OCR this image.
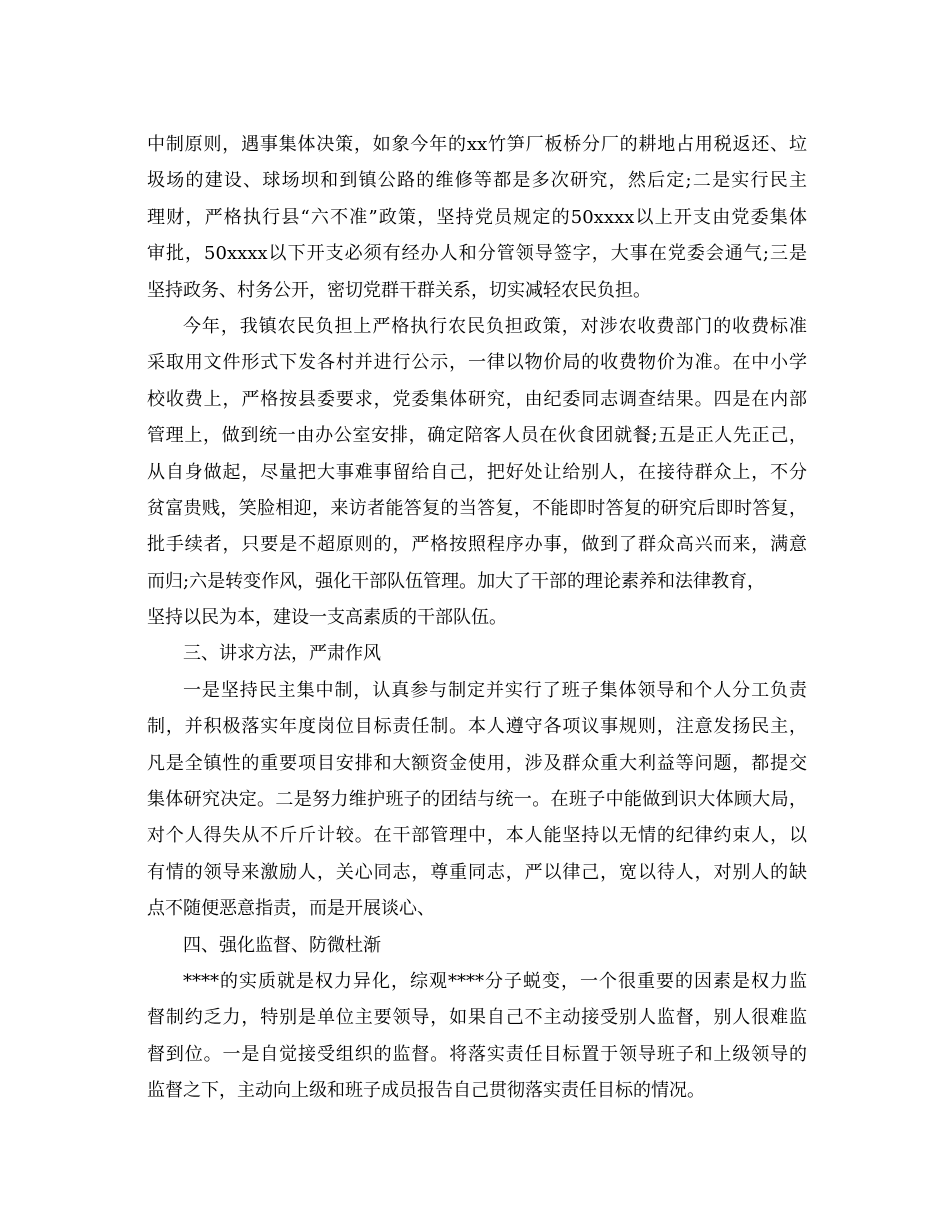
中制原则，遇事集体决策，如象今年的xx竹笋厂板桥分厂的耕地占用税返还、垃
圾场的建设、球场坝和到镇公路的维修等都是多次研究，然后定;二是实行民主
理财，严格执行县“六不准”政策，坚持党员规定的50xxxx以上开支由党委集体
审批，50xxxx以下开支必须有经办人和分管领导签字，大事在党委会通气;三是
坚持政务、村务公开，密切党群干群关系，切实减轻农民负担。
今年，我镇农民负担上严格执行农民负担政策，对涉农收费部门的收费标准
采取用文件形式下发各村并进行公示，一律以物价局的收费物价为准。在中小学
校收费上，严格按县委要求，党委集体研究，由纪委同志调查结果。四是在内部
管理上，做到统一由办公室安排，确定陪客人员在伙食团就餐;五是正人先正己，
从自身做起，尽量把大事难事留给自己，把好处让给别人，在接待群众上，不分
贫富贵贱，笑脸相迎，来访者能答复的当答复，不能即时答复的研究后即时答复，
批手续者，只要是不超原则的，严格按照程序办事，做到了群众高兴而来，满意
而归;六是转变作风，强化干部队伍管理。加大了干部的理论素养和法律教育，
坚持以民为本，建设一支高素质的干部队伍。
三、讲求方法，严肃作风
一是坚持民主集中制，认真参与制定并实行了班子集体领导和个人分工负责
制，并积极落实年度岗位目标责任制。本人遵守各项议事规则，注意发扬民主，
凡是全镇性的重要项目安排和大额资金使用，涉及群众重大利益等问题，都提交
集体研究决定。二是努力维护班子的团结与统一。在班子中能做到识大体顾大局，
对个人得失从不斤斤计较。在干部管理中，本人能坚持以无情的纪律约束人，以
有情的领导来激励人，关心同志，尊重同志，严以律己，宽以待人，对别人的缺
点不随便恶意指责，而是开展谈心、
四、强化监督、防微杜渐
****的实质就是权力异化，综观****分子蜕变，一个很重要的因素是权力监
督制约乏力，特别是单位主要领导，如果自己不主动接受别人监督，别人很难监
督到位。一是自觉接受组织的监督。将落实责任目标置于领导班子和上级领导的
监督之下，主动向上级和班子成员报告自己贯彻落实责任目标的情况。
